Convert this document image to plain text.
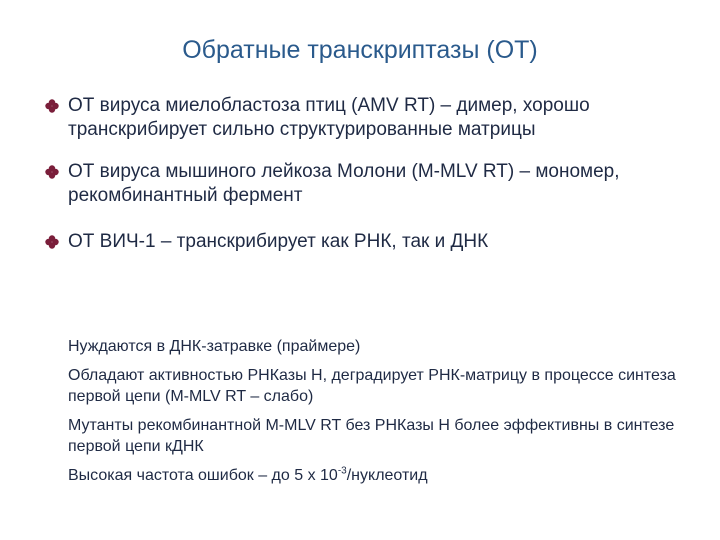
Обратные транскриптазы (ОТ)
ОТ вируса миелобластоза птиц (AMV RT) – димер, хорошо транскрибирует сильно структурированные матрицы
ОТ вируса мышиного лейкоза Молони (M-MLV RT) – мономер, рекомбинантный фермент
ОТ ВИЧ-1 – транскрибирует как РНК, так и ДНК
Нуждаются в ДНК-затравке (праймере)
Обладают активностью РНКазы Н, деградирует РНК-матрицу в процессе синтеза первой цепи (M-MLV RT – слабо)
Мутанты рекомбинантной M-MLV RT без РНКазы Н более эффективны в синтезе первой цепи кДНК
Высокая частота ошибок – до 5 х $10^{-3}$/нуклеотид
